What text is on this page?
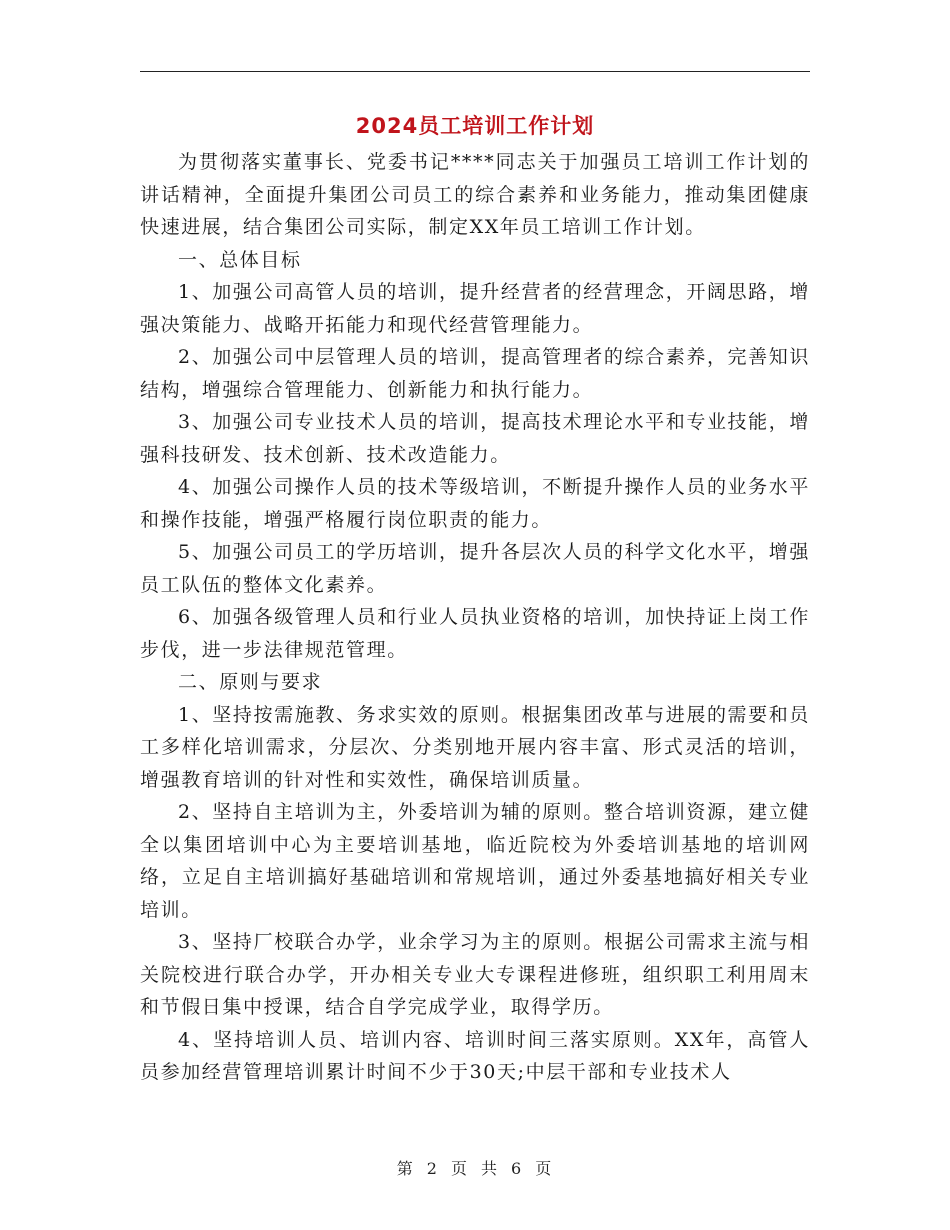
2024员工培训工作计划

为贯彻落实董事长、党委书记****同志关于加强员工培训工作计划的讲话精神，全面提升集团公司员工的综合素养和业务能力，推动集团健康快速进展，结合集团公司实际，制定XX年员工培训工作计划。

一、总体目标

1、加强公司高管人员的培训，提升经营者的经营理念，开阔思路，增强决策能力、战略开拓能力和现代经营管理能力。

2、加强公司中层管理人员的培训，提高管理者的综合素养，完善知识结构，增强综合管理能力、创新能力和执行能力。

3、加强公司专业技术人员的培训，提高技术理论水平和专业技能，增强科技研发、技术创新、技术改造能力。

4、加强公司操作人员的技术等级培训，不断提升操作人员的业务水平和操作技能，增强严格履行岗位职责的能力。

5、加强公司员工的学历培训，提升各层次人员的科学文化水平，增强员工队伍的整体文化素养。

6、加强各级管理人员和行业人员执业资格的培训，加快持证上岗工作步伐，进一步法律规范管理。

二、原则与要求

1、坚持按需施教、务求实效的原则。根据集团改革与进展的需要和员工多样化培训需求，分层次、分类别地开展内容丰富、形式灵活的培训，增强教育培训的针对性和实效性，确保培训质量。

2、坚持自主培训为主，外委培训为辅的原则。整合培训资源，建立健全以集团培训中心为主要培训基地，临近院校为外委培训基地的培训网络，立足自主培训搞好基础培训和常规培训，通过外委基地搞好相关专业培训。

3、坚持厂校联合办学，业余学习为主的原则。根据公司需求主流与相关院校进行联合办学，开办相关专业大专课程进修班，组织职工利用周末和节假日集中授课，结合自学完成学业，取得学历。

4、坚持培训人员、培训内容、培训时间三落实原则。XX年，高管人员参加经营管理培训累计时间不少于30天;中层干部和专业技术人

第 2 页 共 6 页
